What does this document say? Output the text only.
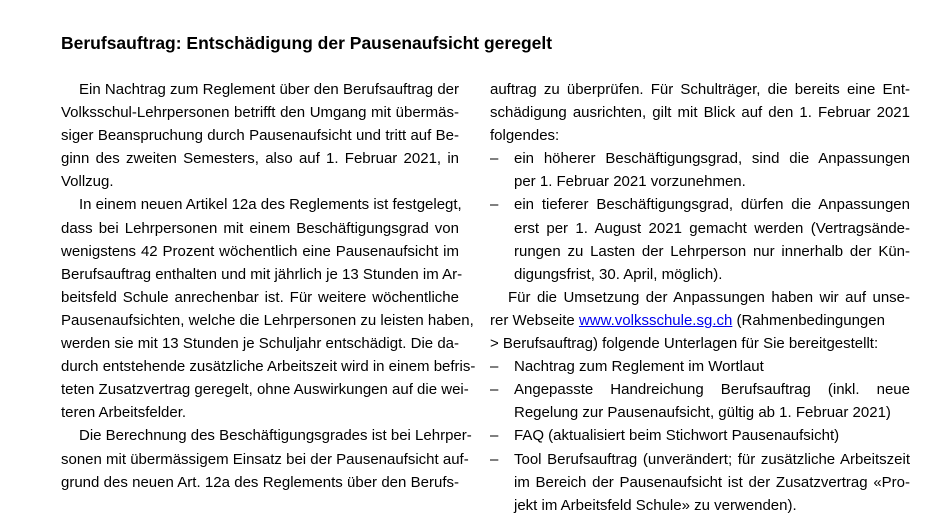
Berufsauftrag: Entschädigung der Pausenaufsicht geregelt
Ein Nachtrag zum Reglement über den Berufsauftrag der
Volksschul-Lehrpersonen betrifft den Umgang mit übermäs-
siger Beanspruchung durch Pausenaufsicht und tritt auf Be-
ginn des zweiten Semesters, also auf 1. Februar 2021, in
Vollzug.
In einem neuen Artikel 12a des Reglements ist festgelegt,
dass bei Lehrpersonen mit einem Beschäftigungsgrad von
wenigstens 42 Prozent wöchentlich eine Pausenaufsicht im
Berufsauftrag enthalten und mit jährlich je 13 Stunden im Ar-
beitsfeld Schule anrechenbar ist. Für weitere wöchentliche
Pausenaufsichten, welche die Lehrpersonen zu leisten haben,
werden sie mit 13 Stunden je Schuljahr entschädigt. Die da-
durch entstehende zusätzliche Arbeitszeit wird in einem befris-
teten Zusatzvertrag geregelt, ohne Auswirkungen auf die wei-
teren Arbeitsfelder.
Die Berechnung des Beschäftigungsgrades ist bei Lehrper-
sonen mit übermässigem Einsatz bei der Pausenaufsicht auf-
grund des neuen Art. 12a des Reglements über den Berufs-
auftrag zu überprüfen. Für Schulträger, die bereits eine Ent-
schädigung ausrichten, gilt mit Blick auf den 1. Februar 2021
folgendes:
– ein höherer Beschäftigungsgrad, sind die Anpassungen
per 1. Februar 2021 vorzunehmen.
– ein tieferer Beschäftigungsgrad, dürfen die Anpassungen
erst per 1. August 2021 gemacht werden (Vertragsände-
rungen zu Lasten der Lehrperson nur innerhalb der Kün-
digungsfrist, 30. April, möglich).
Für die Umsetzung der Anpassungen haben wir auf unse-
rer Webseite www.volksschule.sg.ch (Rahmenbedingungen
> Berufsauftrag) folgende Unterlagen für Sie bereitgestellt:
– Nachtrag zum Reglement im Wortlaut
– Angepasste Handreichung Berufsauftrag (inkl. neue
Regelung zur Pausenaufsicht, gültig ab 1. Februar 2021)
– FAQ (aktualisiert beim Stichwort Pausenaufsicht)
– Tool Berufsauftrag (unverändert; für zusätzliche Arbeitszeit
im Bereich der Pausenaufsicht ist der Zusatzvertrag «Pro-
jekt im Arbeitsfeld Schule» zu verwenden).
